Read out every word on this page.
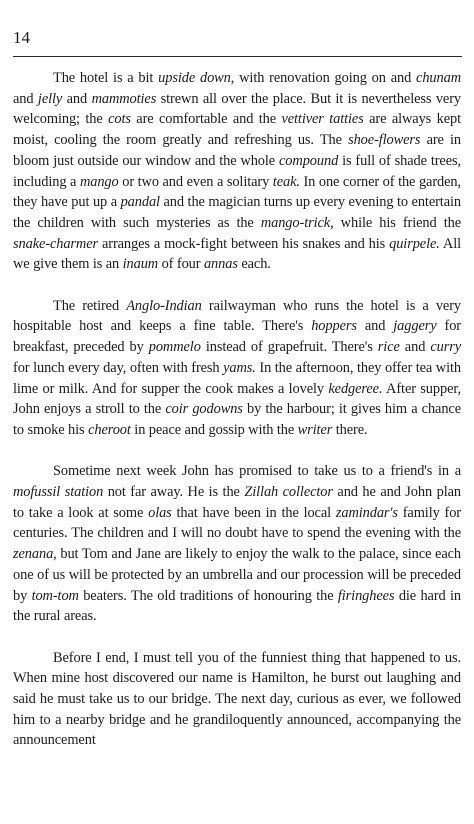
14

The hotel is a bit upside down, with renovation going on and chunam and jelly and mammoties strewn all over the place. But it is nevertheless very welcoming; the cots are comfortable and the vettiver tatties are always kept moist, cooling the room greatly and refreshing us. The shoe-flowers are in bloom just outside our window and the whole compound is full of shade trees, including a mango or two and even a solitary teak. In one corner of the garden, they have put up a pandal and the magician turns up every evening to entertain the children with such mysteries as the mango-trick, while his friend the snake-charmer arranges a mock-fight between his snakes and his quirpele. All we give them is an inaum of four annas each.

The retired Anglo-Indian railwayman who runs the hotel is a very hospitable host and keeps a fine table. There's hoppers and jaggery for breakfast, preceded by pommelo instead of grapefruit. There's rice and curry for lunch every day, often with fresh yams. In the afternoon, they offer tea with lime or milk. And for supper the cook makes a lovely kedgeree. After supper, John enjoys a stroll to the coir godowns by the harbour; it gives him a chance to smoke his cheroot in peace and gossip with the writer there.

Sometime next week John has promised to take us to a friend's in a mofussil station not far away. He is the Zillah collector and he and John plan to take a look at some olas that have been in the local zamindar's family for centuries. The children and I will no doubt have to spend the evening with the zenana, but Tom and Jane are likely to enjoy the walk to the palace, since each one of us will be protected by an umbrella and our procession will be preceded by tom-tom beaters. The old traditions of honouring the firinghees die hard in the rural areas.

Before I end, I must tell you of the funniest thing that happened to us. When mine host discovered our name is Hamilton, he burst out laughing and said he must take us to our bridge. The next day, curious as ever, we followed him to a nearby bridge and he grandiloquently announced, accompanying the announcement
